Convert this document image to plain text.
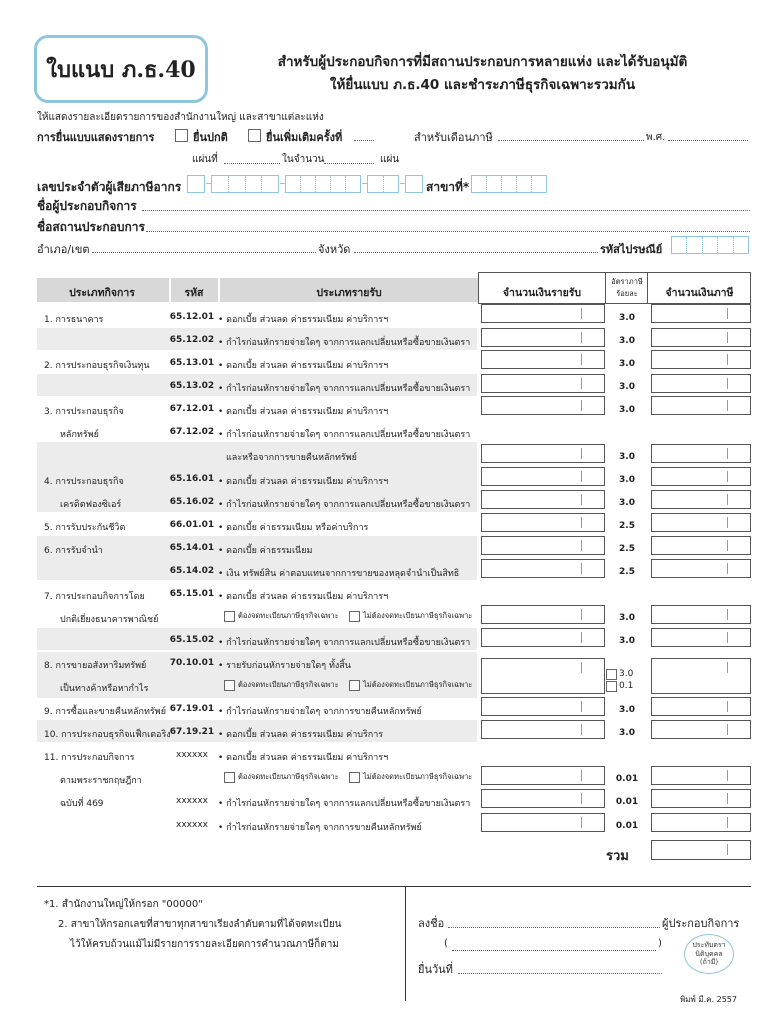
ใบแนบ ภ.ธ.40	สำหรับผู้ประกอบกิจการที่มีสถานประกอบการหลายแห่ง และได้รับอนุมัติ
ให้ยื่นแบบ ภ.ธ.40 และชำระภาษีธุรกิจเฉพาะรวมกัน
ให้แสดงรายละเอียดรายการของสำนักงานใหญ่ และสาขาแต่ละแห่ง
การยื่นแบบแสดงรายการ	ยื่นปกติ	ยื่นเพิ่มเติมครั้งที่	สำหรับเดือนภาษี	พ.ศ.
แผ่นที่	ในจำนวน	แผ่น
เลขประจำตัวผู้เสียภาษีอากร	สาขาที่*
ชื่อผู้ประกอบกิจการ
ชื่อสถานประกอบการ
อำเภอ/เขต	จังหวัด	รหัสไปรษณีย์
ประเภทกิจการ	รหัส	ประเภทรายรับ	จำนวนเงินรายรับ
อัตราภาษี
ร้อยละ	จำนวนเงินภาษี
1. การธนาคาร	65.12.01 • ดอกเบี้ย ส่วนลด ค่าธรรมเนียม ค่าบริการฯ	3.0
65.12.02 • กำไรก่อนหักรายจ่ายใดๆ จากการแลกเปลี่ยนหรือซื้อขายเงินตรา	3.0
2. การประกอบธุรกิจเงินทุน	65.13.01 • ดอกเบี้ย ส่วนลด ค่าธรรมเนียม ค่าบริการฯ	3.0
65.13.02 • กำไรก่อนหักรายจ่ายใดๆ จากการแลกเปลี่ยนหรือซื้อขายเงินตรา	3.0
3. การประกอบธุรกิจ	67.12.01 • ดอกเบี้ย ส่วนลด ค่าธรรมเนียม ค่าบริการฯ	3.0
หลักทรัพย์	67.12.02 • กำไรก่อนหักรายจ่ายใดๆ จากการแลกเปลี่ยนหรือซื้อขายเงินตรา
และหรือจากการขายคืนหลักทรัพย์	3.0
4. การประกอบธุรกิจ	65.16.01 • ดอกเบี้ย ส่วนลด ค่าธรรมเนียม ค่าบริการฯ	3.0
เครดิตฟองซิเอร์	65.16.02 • กำไรก่อนหักรายจ่ายใดๆ จากการแลกเปลี่ยนหรือซื้อขายเงินตรา	3.0
5. การรับประกันชีวิต	66.01.01 • ดอกเบี้ย ค่าธรรมเนียม หรือค่าบริการ	2.5
6. การรับจำนำ	65.14.01 • ดอกเบี้ย ค่าธรรมเนียม	2.5
65.14.02 • เงิน ทรัพย์สิน ค่าตอบแทนจากการขายของหลุดจำนำเป็นสิทธิ	2.5
7. การประกอบกิจการโดย	65.15.01 • ดอกเบี้ย ส่วนลด ค่าธรรมเนียม ค่าบริการฯ
ปกติเยี่ยงธนาคารพาณิชย์	ต้องจดทะเบียนภาษีธุรกิจเฉพาะ	ไม่ต้องจดทะเบียนภาษีธุรกิจเฉพาะ	3.0
65.15.02 • กำไรก่อนหักรายจ่ายใดๆ จากการแลกเปลี่ยนหรือซื้อขายเงินตรา	3.0
8. การขายอสังหาริมทรัพย์	70.10.01 • รายรับก่อนหักรายจ่ายใดๆ ทั้งสิ้น
3.0
0.1
เป็นทางค้าหรือหากำไร	ต้องจดทะเบียนภาษีธุรกิจเฉพาะ	ไม่ต้องจดทะเบียนภาษีธุรกิจเฉพาะ
9. การซื้อและขายคืนหลักทรัพย์ 67.19.01 • กำไรก่อนหักรายจ่ายใดๆ จากการขายคืนหลักทรัพย์	3.0
10. การประกอบธุรกิจแฟ็กเตอริง 67.19.21 • ดอกเบี้ย ส่วนลด ค่าธรรมเนียม ค่าบริการ	3.0
11. การประกอบกิจการ	xxxxxx	• ดอกเบี้ย ส่วนลด ค่าธรรมเนียม ค่าบริการฯ
ตามพระราชกฤษฎีกา	ต้องจดทะเบียนภาษีธุรกิจเฉพาะ	ไม่ต้องจดทะเบียนภาษีธุรกิจเฉพาะ	0.01
ฉบับที่ 469	xxxxxx	• กำไรก่อนหักรายจ่ายใดๆ จากการแลกเปลี่ยนหรือซื้อขายเงินตรา	0.01
xxxxxx	• กำไรก่อนหักรายจ่ายใดๆ จากการขายคืนหลักทรัพย์	0.01
รวม
*1. สำนักงานใหญ่ให้กรอก "00000"
2. สาขาให้กรอกเลขที่สาขาทุกสาขาเรียงลำดับตามที่ได้จดทะเบียน
ไว้ให้ครบถ้วนแม้ไม่มีรายการรายละเอียดการคำนวณภาษีก็ตาม
ลงชื่อ	ผู้ประกอบกิจการ
(	)
ยื่นวันที่
ประทับตรา
นิติบุคคล
(ถ้ามี)
พิมพ์ มี.ค. 2557
